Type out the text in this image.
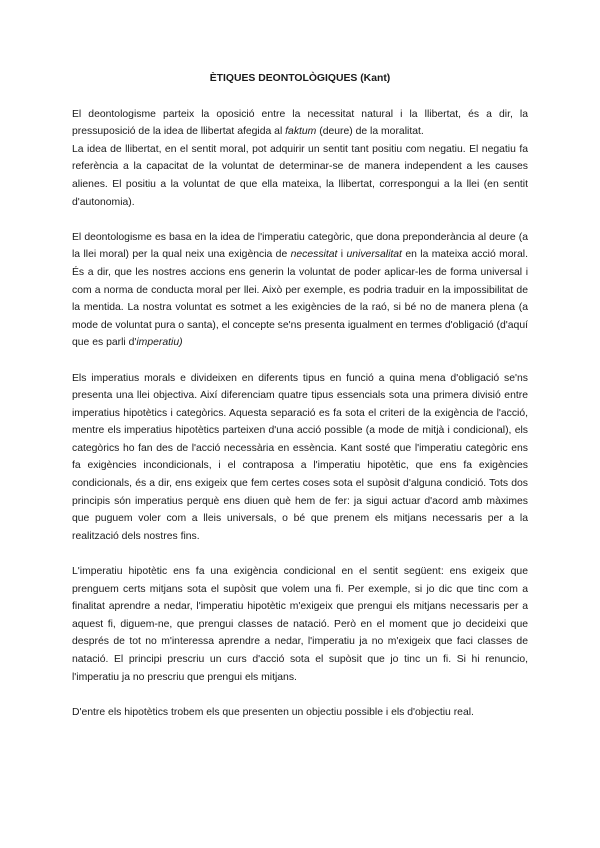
ÈTIQUES DEONTOLÒGIQUES (Kant)

El deontologisme parteix la oposició entre la necessitat natural i la llibertat, és a dir, la pressuposició de la idea de llibertat afegida al faktum (deure) de la moralitat.

La idea de llibertat, en el sentit moral, pot adquirir un sentit tant positiu com negatiu. El negatiu fa referència a la capacitat de la voluntat de determinar-se de manera independent a les causes alienes. El positiu a la voluntat de que ella mateixa, la llibertat, correspongui a la llei (en sentit d'autonomia).

El deontologisme es basa en la idea de l'imperatiu categòric, que dona preponderància al deure (a la llei moral) per la qual neix una exigència de necessitat i universalitat en la mateixa acció moral. És a dir, que les nostres accions ens generin la voluntat de poder aplicar-les de forma universal i com a norma de conducta moral per llei. Això per exemple, es podria traduir en la impossibilitat de la mentida. La nostra voluntat es sotmet a les exigències de la raó, si bé no de manera plena (a mode de voluntat pura o santa), el concepte se'ns presenta igualment en termes d'obligació (d'aquí que es parli d'imperatiu)

Els imperatius morals e divideixen en diferents tipus en funció a quina mena d'obligació se'ns presenta una llei objectiva. Així diferenciam quatre tipus essencials sota una primera divisió entre imperatius hipotètics i categòrics. Aquesta separació es fa sota el criteri de la exigència de l'acció, mentre els imperatius hipotètics parteixen d'una acció possible (a mode de mitjà i condicional), els categòrics ho fan des de l'acció necessària en essència. Kant sosté que l'imperatiu categòric ens fa exigències incondicionals, i el contraposa a l'imperatiu hipotètic, que ens fa exigències condicionals, és a dir, ens exigeix que fem certes coses sota el supòsit d'alguna condició. Tots dos principis són imperatius perquè ens diuen què hem de fer: ja sigui actuar d'acord amb màximes que puguem voler com a lleis universals, o bé que prenem els mitjans necessaris per a la realització dels nostres fins.

L'imperatiu hipotètic ens fa una exigència condicional en el sentit següent: ens exigeix que prenguem certs mitjans sota el supòsit que volem una fi. Per exemple, si jo dic que tinc com a finalitat aprendre a nedar, l'imperatiu hipotètic m'exigeix que prengui els mitjans necessaris per a aquest fi, diguem-ne, que prengui classes de natació. Però en el moment que jo decideixi que després de tot no m'interessa aprendre a nedar, l'imperatiu ja no m'exigeix que faci classes de natació. El principi prescriu un curs d'acció sota el supòsit que jo tinc un fi. Si hi renuncio, l'imperatiu ja no prescriu que prengui els mitjans.

D'entre els hipotètics trobem els que presenten un objectiu possible i els d'objectiu real.
